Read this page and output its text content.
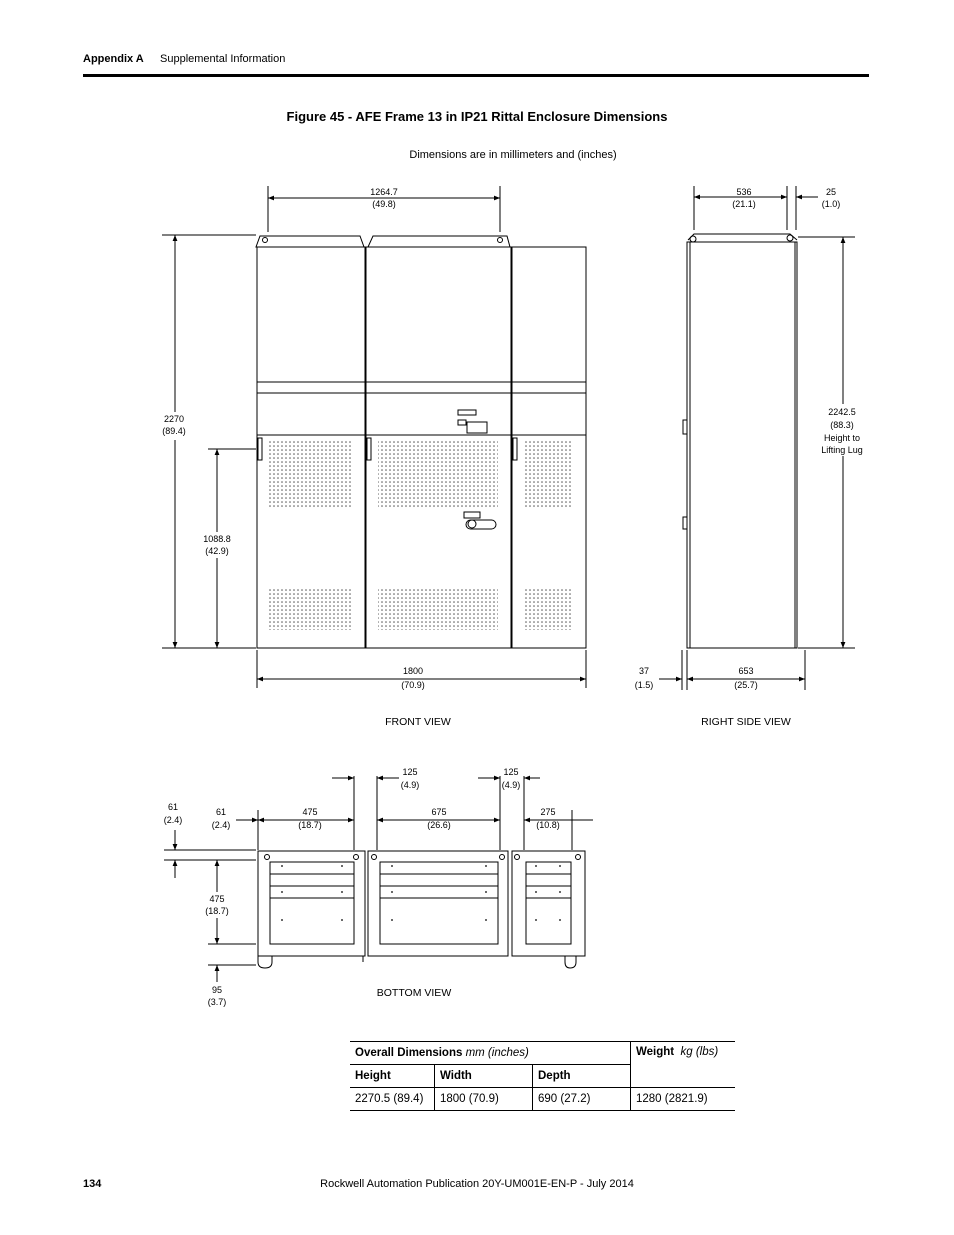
Appendix A Supplemental Information
Figure 45 - AFE Frame 13 in IP21 Rittal Enclosure Dimensions
Dimensions are in millimeters and (inches)
1264.7
(49.8)
2270
(89.4)
1088.8
(42.9)
1800
(70.9)
FRONT VIEW
536
(21.1)
25
(1.0)
2242.5
(88.3)
Height to
Lifting Lug
37
(1.5)
653
(25.7)
RIGHT SIDE VIEW
61
(2.4)
61
(2.4)
475
(18.7)
125
(4.9)
675
(26.6)
125
(4.9)
275
(10.8)
475
(18.7)
95
(3.7)
BOTTOM VIEW
Overall Dimensions mm (inches)			Weight kg (lbs)
Height	Width	Depth	
2270.5 (89.4)	1800 (70.9)	690 (27.2)	1280 (2821.9)
134	Rockwell Automation Publication 20Y-UM001E-EN-P - July 2014
